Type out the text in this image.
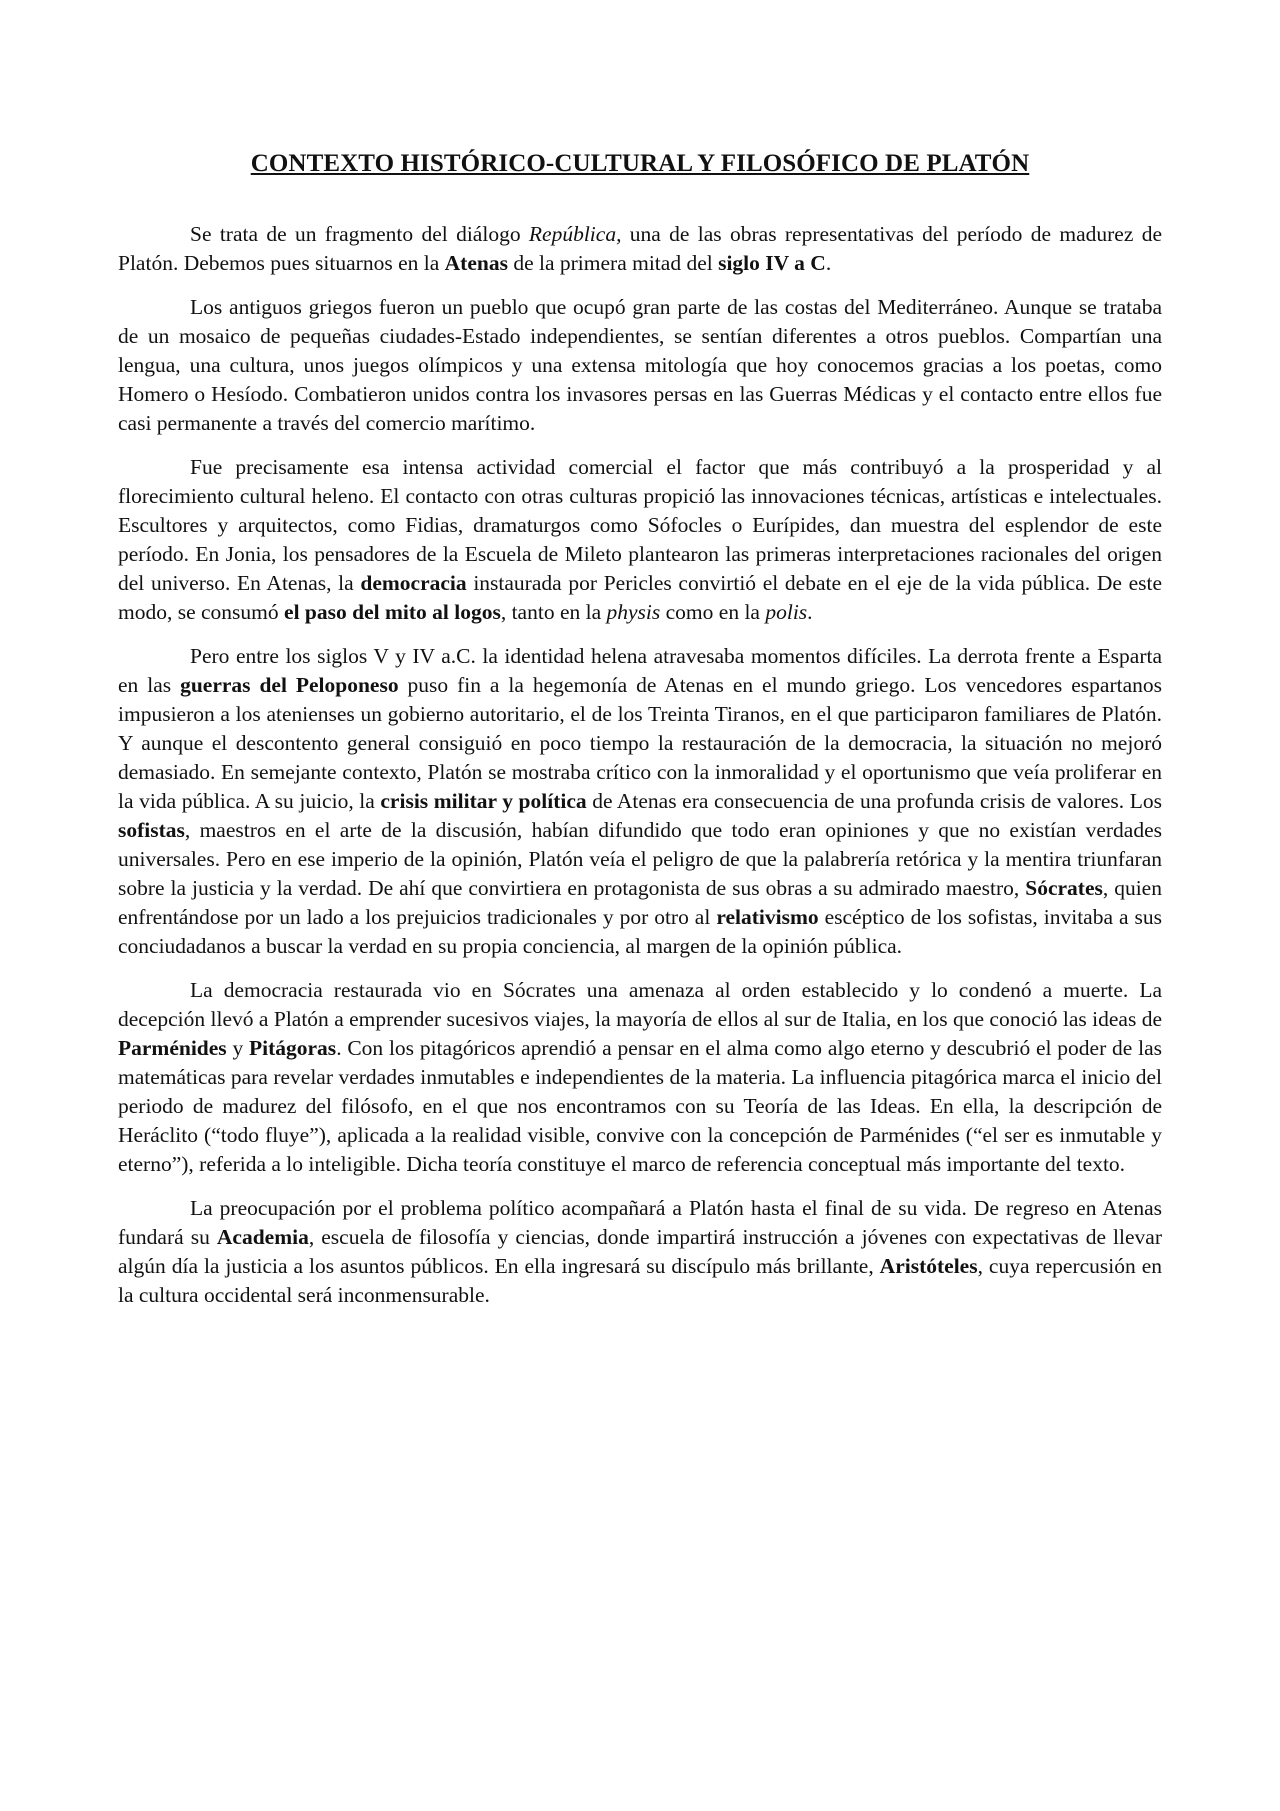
CONTEXTO HISTÓRICO-CULTURAL Y FILOSÓFICO DE PLATÓN

Se trata de un fragmento del diálogo República, una de las obras representativas del período de madurez de Platón. Debemos pues situarnos en la Atenas de la primera mitad del siglo IV a C.

Los antiguos griegos fueron un pueblo que ocupó gran parte de las costas del Mediterráneo. Aunque se trataba de un mosaico de pequeñas ciudades-Estado independientes, se sentían diferentes a otros pueblos. Compartían una lengua, una cultura, unos juegos olímpicos y una extensa mitología que hoy conocemos gracias a los poetas, como Homero o Hesíodo. Combatieron unidos contra los invasores persas en las Guerras Médicas y el contacto entre ellos fue casi permanente a través del comercio marítimo.

Fue precisamente esa intensa actividad comercial el factor que más contribuyó a la prosperidad y al florecimiento cultural heleno. El contacto con otras culturas propició las innovaciones técnicas, artísticas e intelectuales. Escultores y arquitectos, como Fidias, dramaturgos como Sófocles o Eurípides, dan muestra del esplendor de este período. En Jonia, los pensadores de la Escuela de Mileto plantearon las primeras interpretaciones racionales del origen del universo. En Atenas, la democracia instaurada por Pericles convirtió el debate en el eje de la vida pública. De este modo, se consumó el paso del mito al logos, tanto en la physis como en la polis.

Pero entre los siglos V y IV a.C. la identidad helena atravesaba momentos difíciles. La derrota frente a Esparta en las guerras del Peloponeso puso fin a la hegemonía de Atenas en el mundo griego. Los vencedores espartanos impusieron a los atenienses un gobierno autoritario, el de los Treinta Tiranos, en el que participaron familiares de Platón. Y aunque el descontento general consiguió en poco tiempo la restauración de la democracia, la situación no mejoró demasiado. En semejante contexto, Platón se mostraba crítico con la inmoralidad y el oportunismo que veía proliferar en la vida pública. A su juicio, la crisis militar y política de Atenas era consecuencia de una profunda crisis de valores. Los sofistas, maestros en el arte de la discusión, habían difundido que todo eran opiniones y que no existían verdades universales. Pero en ese imperio de la opinión, Platón veía el peligro de que la palabrería retórica y la mentira triunfaran sobre la justicia y la verdad. De ahí que convirtiera en protagonista de sus obras a su admirado maestro, Sócrates, quien enfrentándose por un lado a los prejuicios tradicionales y por otro al relativismo escéptico de los sofistas, invitaba a sus conciudadanos a buscar la verdad en su propia conciencia, al margen de la opinión pública.

La democracia restaurada vio en Sócrates una amenaza al orden establecido y lo condenó a muerte. La decepción llevó a Platón a emprender sucesivos viajes, la mayoría de ellos al sur de Italia, en los que conoció las ideas de Parménides y Pitágoras. Con los pitagóricos aprendió a pensar en el alma como algo eterno y descubrió el poder de las matemáticas para revelar verdades inmutables e independientes de la materia. La influencia pitagórica marca el inicio del periodo de madurez del filósofo, en el que nos encontramos con su Teoría de las Ideas. En ella, la descripción de Heráclito (“todo fluye”), aplicada a la realidad visible, convive con la concepción de Parménides (“el ser es inmutable y eterno”), referida a lo inteligible. Dicha teoría constituye el marco de referencia conceptual más importante del texto.

La preocupación por el problema político acompañará a Platón hasta el final de su vida. De regreso en Atenas fundará su Academia, escuela de filosofía y ciencias, donde impartirá instrucción a jóvenes con expectativas de llevar algún día la justicia a los asuntos públicos. En ella ingresará su discípulo más brillante, Aristóteles, cuya repercusión en la cultura occidental será inconmensurable.
